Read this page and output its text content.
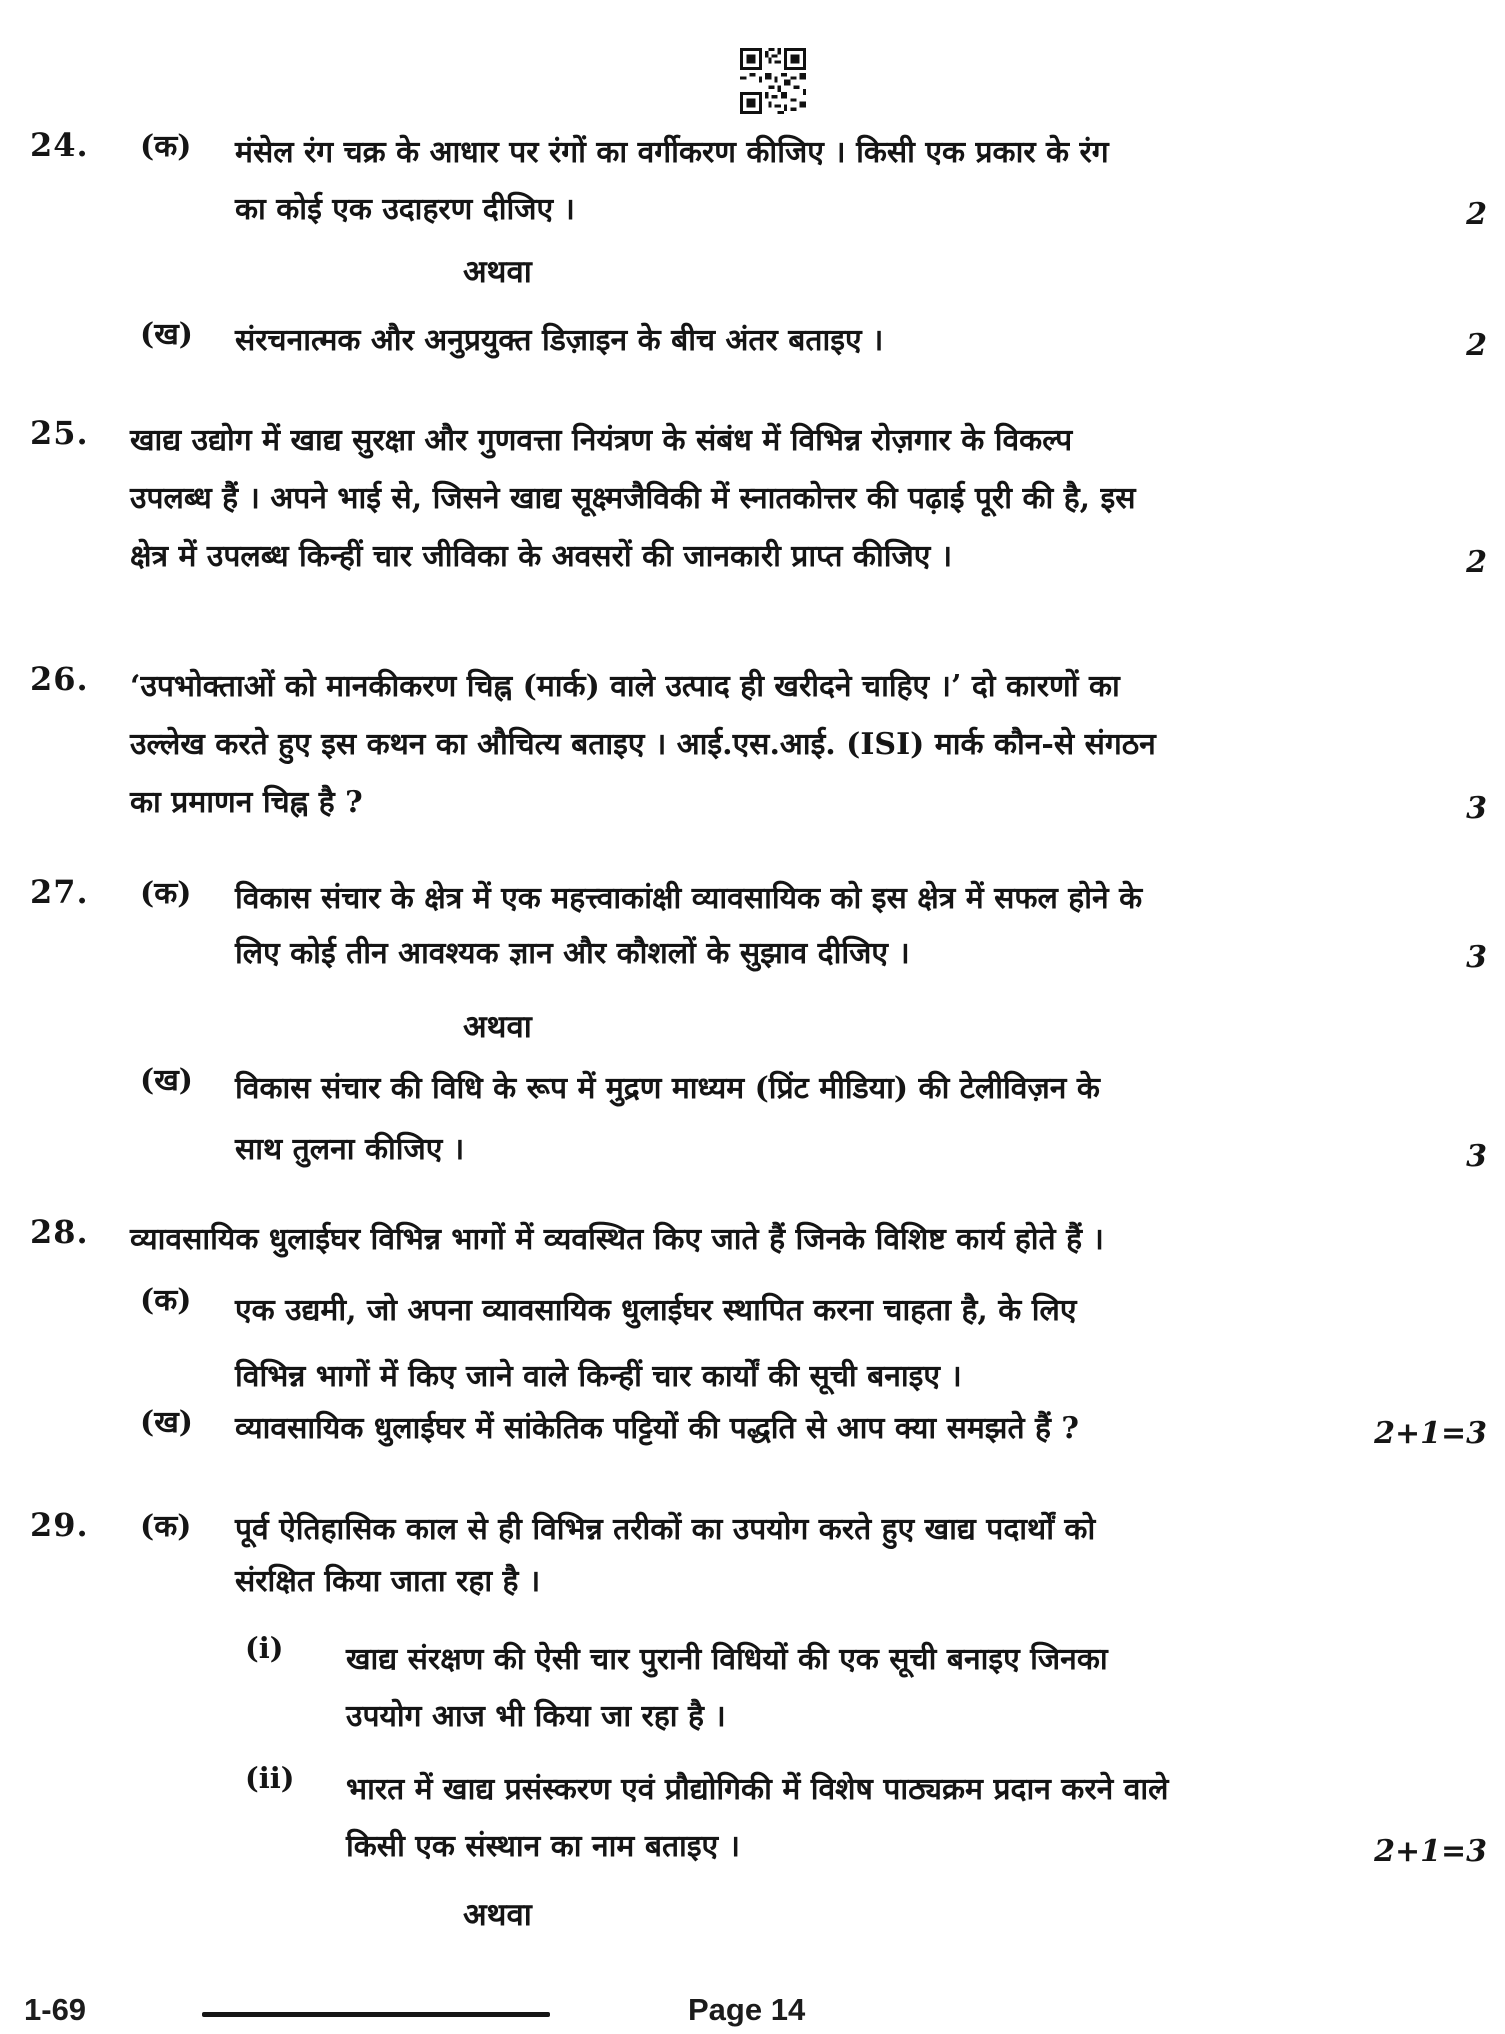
24. (क) मंसेल रंग चक्र के आधार पर रंगों का वर्गीकरण कीजिए । किसी एक प्रकार के रंग
का कोई एक उदाहरण दीजिए ।	2
अथवा
(ख) संरचनात्मक और अनुप्रयुक्त डिज़ाइन के बीच अंतर बताइए ।	2
25. खाद्य उद्योग में खाद्य सुरक्षा और गुणवत्ता नियंत्रण के संबंध में विभिन्न रोज़गार के विकल्प
उपलब्ध हैं । अपने भाई से, जिसने खाद्य सूक्ष्मजैविकी में स्नातकोत्तर की पढ़ाई पूरी की है, इस
क्षेत्र में उपलब्ध किन्हीं चार जीविका के अवसरों की जानकारी प्राप्त कीजिए ।	2
26. ‘उपभोक्ताओं को मानकीकरण चिह्न (मार्क) वाले उत्पाद ही खरीदने चाहिए ।’ दो कारणों का
उल्लेख करते हुए इस कथन का औचित्य बताइए । आई.एस.आई. (ISI) मार्क कौन-से संगठन
का प्रमाणन चिह्न है ?	3
27. (क) विकास संचार के क्षेत्र में एक महत्त्वाकांक्षी व्यावसायिक को इस क्षेत्र में सफल होने के
लिए कोई तीन आवश्यक ज्ञान और कौशलों के सुझाव दीजिए ।	3
अथवा
(ख) विकास संचार की विधि के रूप में मुद्रण माध्यम (प्रिंट मीडिया) की टेलीविज़न के
साथ तुलना कीजिए ।	3
28. व्यावसायिक धुलाईघर विभिन्न भागों में व्यवस्थित किए जाते हैं जिनके विशिष्ट कार्य होते हैं ।
(क) एक उद्यमी, जो अपना व्यावसायिक धुलाईघर स्थापित करना चाहता है, के लिए
विभिन्न भागों में किए जाने वाले किन्हीं चार कार्यों की सूची बनाइए ।
(ख) व्यावसायिक धुलाईघर में सांकेतिक पट्टियों की पद्धति से आप क्या समझते हैं ?	2+1=3
29. (क) पूर्व ऐतिहासिक काल से ही विभिन्न तरीकों का उपयोग करते हुए खाद्य पदार्थों को
संरक्षित किया जाता रहा है ।
(i) खाद्य संरक्षण की ऐसी चार पुरानी विधियों की एक सूची बनाइए जिनका
उपयोग आज भी किया जा रहा है ।
(ii) भारत में खाद्य प्रसंस्करण एवं प्रौद्योगिकी में विशेष पाठ्यक्रम प्रदान करने वाले
किसी एक संस्थान का नाम बताइए ।	2+1=3
अथवा
1-69	Page 14
